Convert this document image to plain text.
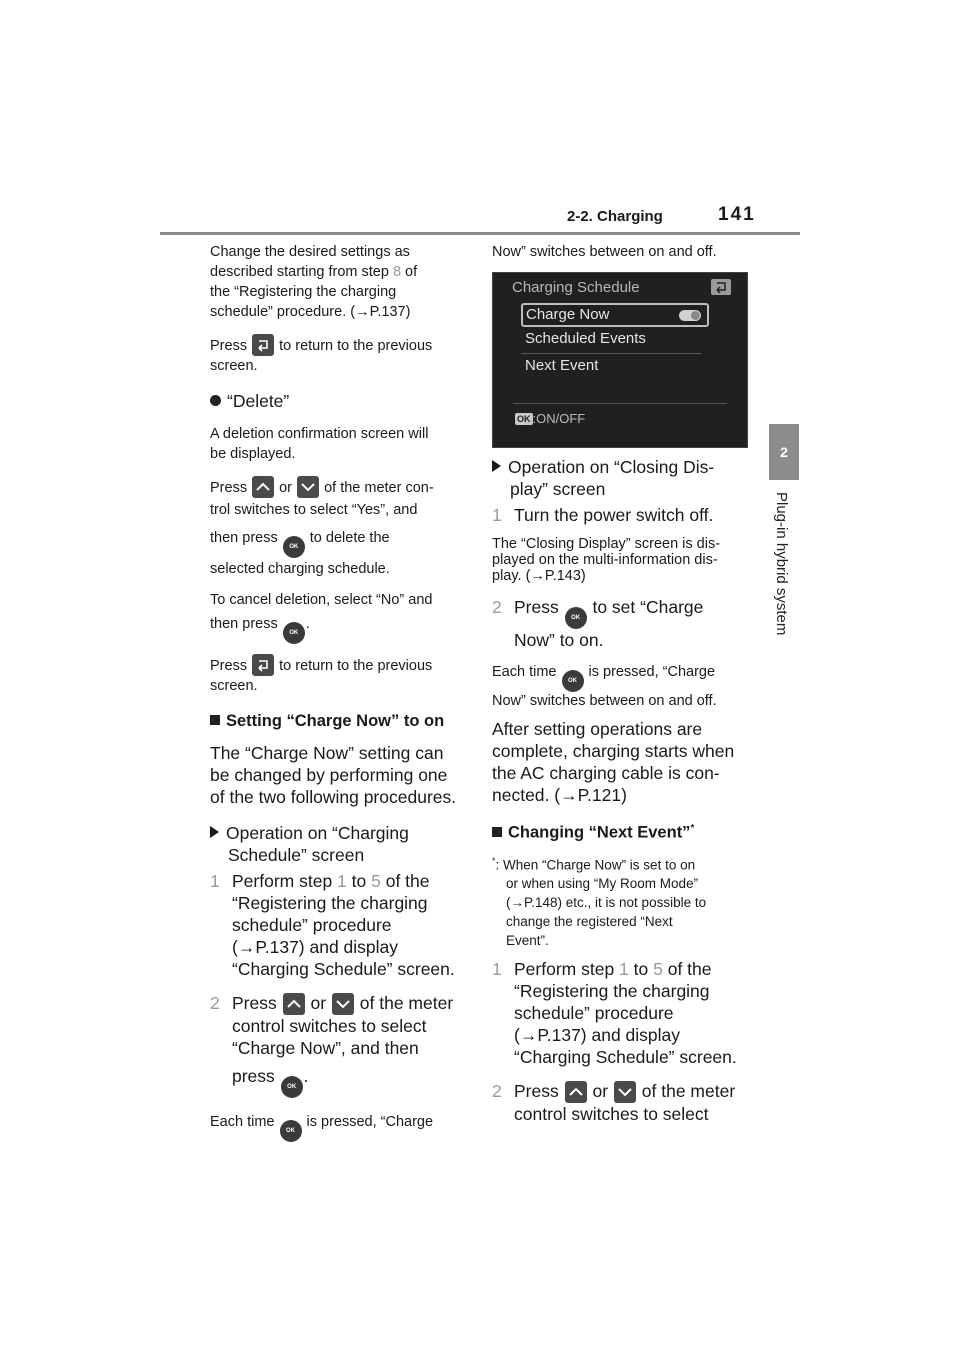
2-2. Charging	141
2
Plug-in hybrid system

Change the desired settings as
described starting from step 8 of
the “Registering the charging
schedule” procedure. (→P.137)

Press
to return to the previous
screen.

“Delete”

A deletion confirmation screen will
be displayed.

Press
or
of the meter con-
trol switches to select “Yes”, and
then press OK to delete the
selected charging schedule.

To cancel deletion, select “No” and
then press OK.

Press
to return to the previous
screen.

Setting “Charge Now” to on

The “Charge Now” setting can
be changed by performing one
of the two following procedures.

Operation on “Charging
Schedule” screen
1 Perform step 1 to 5 of the
“Registering the charging
schedule” procedure
(→P.137) and display
“Charging Schedule” screen.
2 Press
or
of the meter
control switches to select
“Charge Now”, and then
press OK.

Each time OK is pressed, “Charge

Now” switches between on and off.

Charging Schedule
Charge Now
Scheduled Events
Next Event
OK :ON/OFF
Operation on “Closing Dis-
play” screen
1 Turn the power switch off.

The “Closing Display” screen is dis-
played on the multi-information dis-
play. (→P.143)

2 Press OK to set “Charge
Now” to on.

Each time OK is pressed, “Charge
Now” switches between on and off.

After setting operations are
complete, charging starts when
the AC charging cable is con-
nected. (→P.121)

Changing “Next Event”*
*: When “Charge Now” is set to on
or when using “My Room Mode”
(→P.148) etc., it is not possible to
change the registered “Next
Event”.
1 Perform step 1 to 5 of the
“Registering the charging
schedule” procedure
(→P.137) and display
“Charging Schedule” screen.
2 Press
or
of the meter
control switches to select
